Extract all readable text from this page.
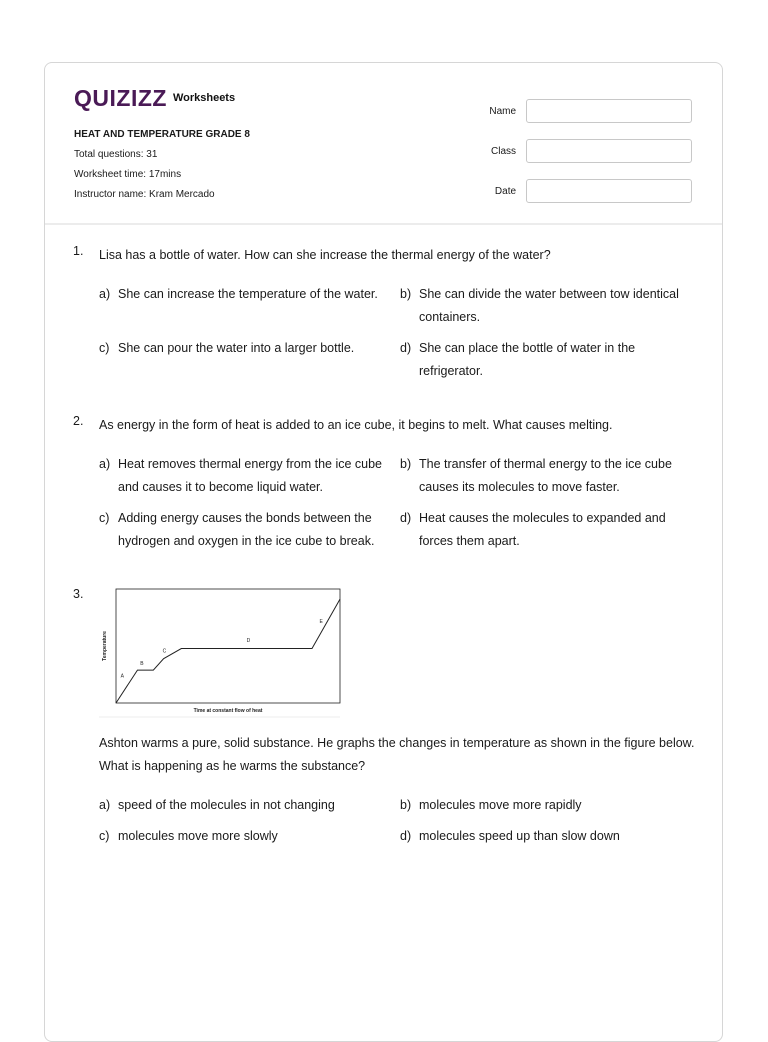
QUIZIZZ Worksheets
HEAT AND TEMPERATURE GRADE 8
Total questions: 31
Worksheet time: 17mins
Instructor name: Kram Mercado
Name
Class
Date
1. Lisa has a bottle of water. How can she increase the thermal energy of the water?
a) She can increase the temperature of the water. b) She can divide the water between tow identical containers.
c) She can pour the water into a larger bottle.	d) She can place the bottle of water in the refrigerator.
2. As energy in the form of heat is added to an ice cube, it begins to melt. What causes melting.
a) Heat removes thermal energy from the ice cube and causes it to become liquid water.
b) The transfer of thermal energy to the ice cube causes its molecules to move faster.
c) Adding energy causes the bonds between the hydrogen and oxygen in the ice cube to break.
d) Heat causes the molecules to expanded and forces them apart.
3.
A
B
C
D
E
Temperature
Time at constant flow of heat
Ashton warms a pure, solid substance. He graphs the changes in temperature as shown in the figure below. What is happening as he warms the substance?
a) speed of the molecules in not changing	b) molecules move more rapidly
c) molecules move more slowly	d) molecules speed up than slow down
